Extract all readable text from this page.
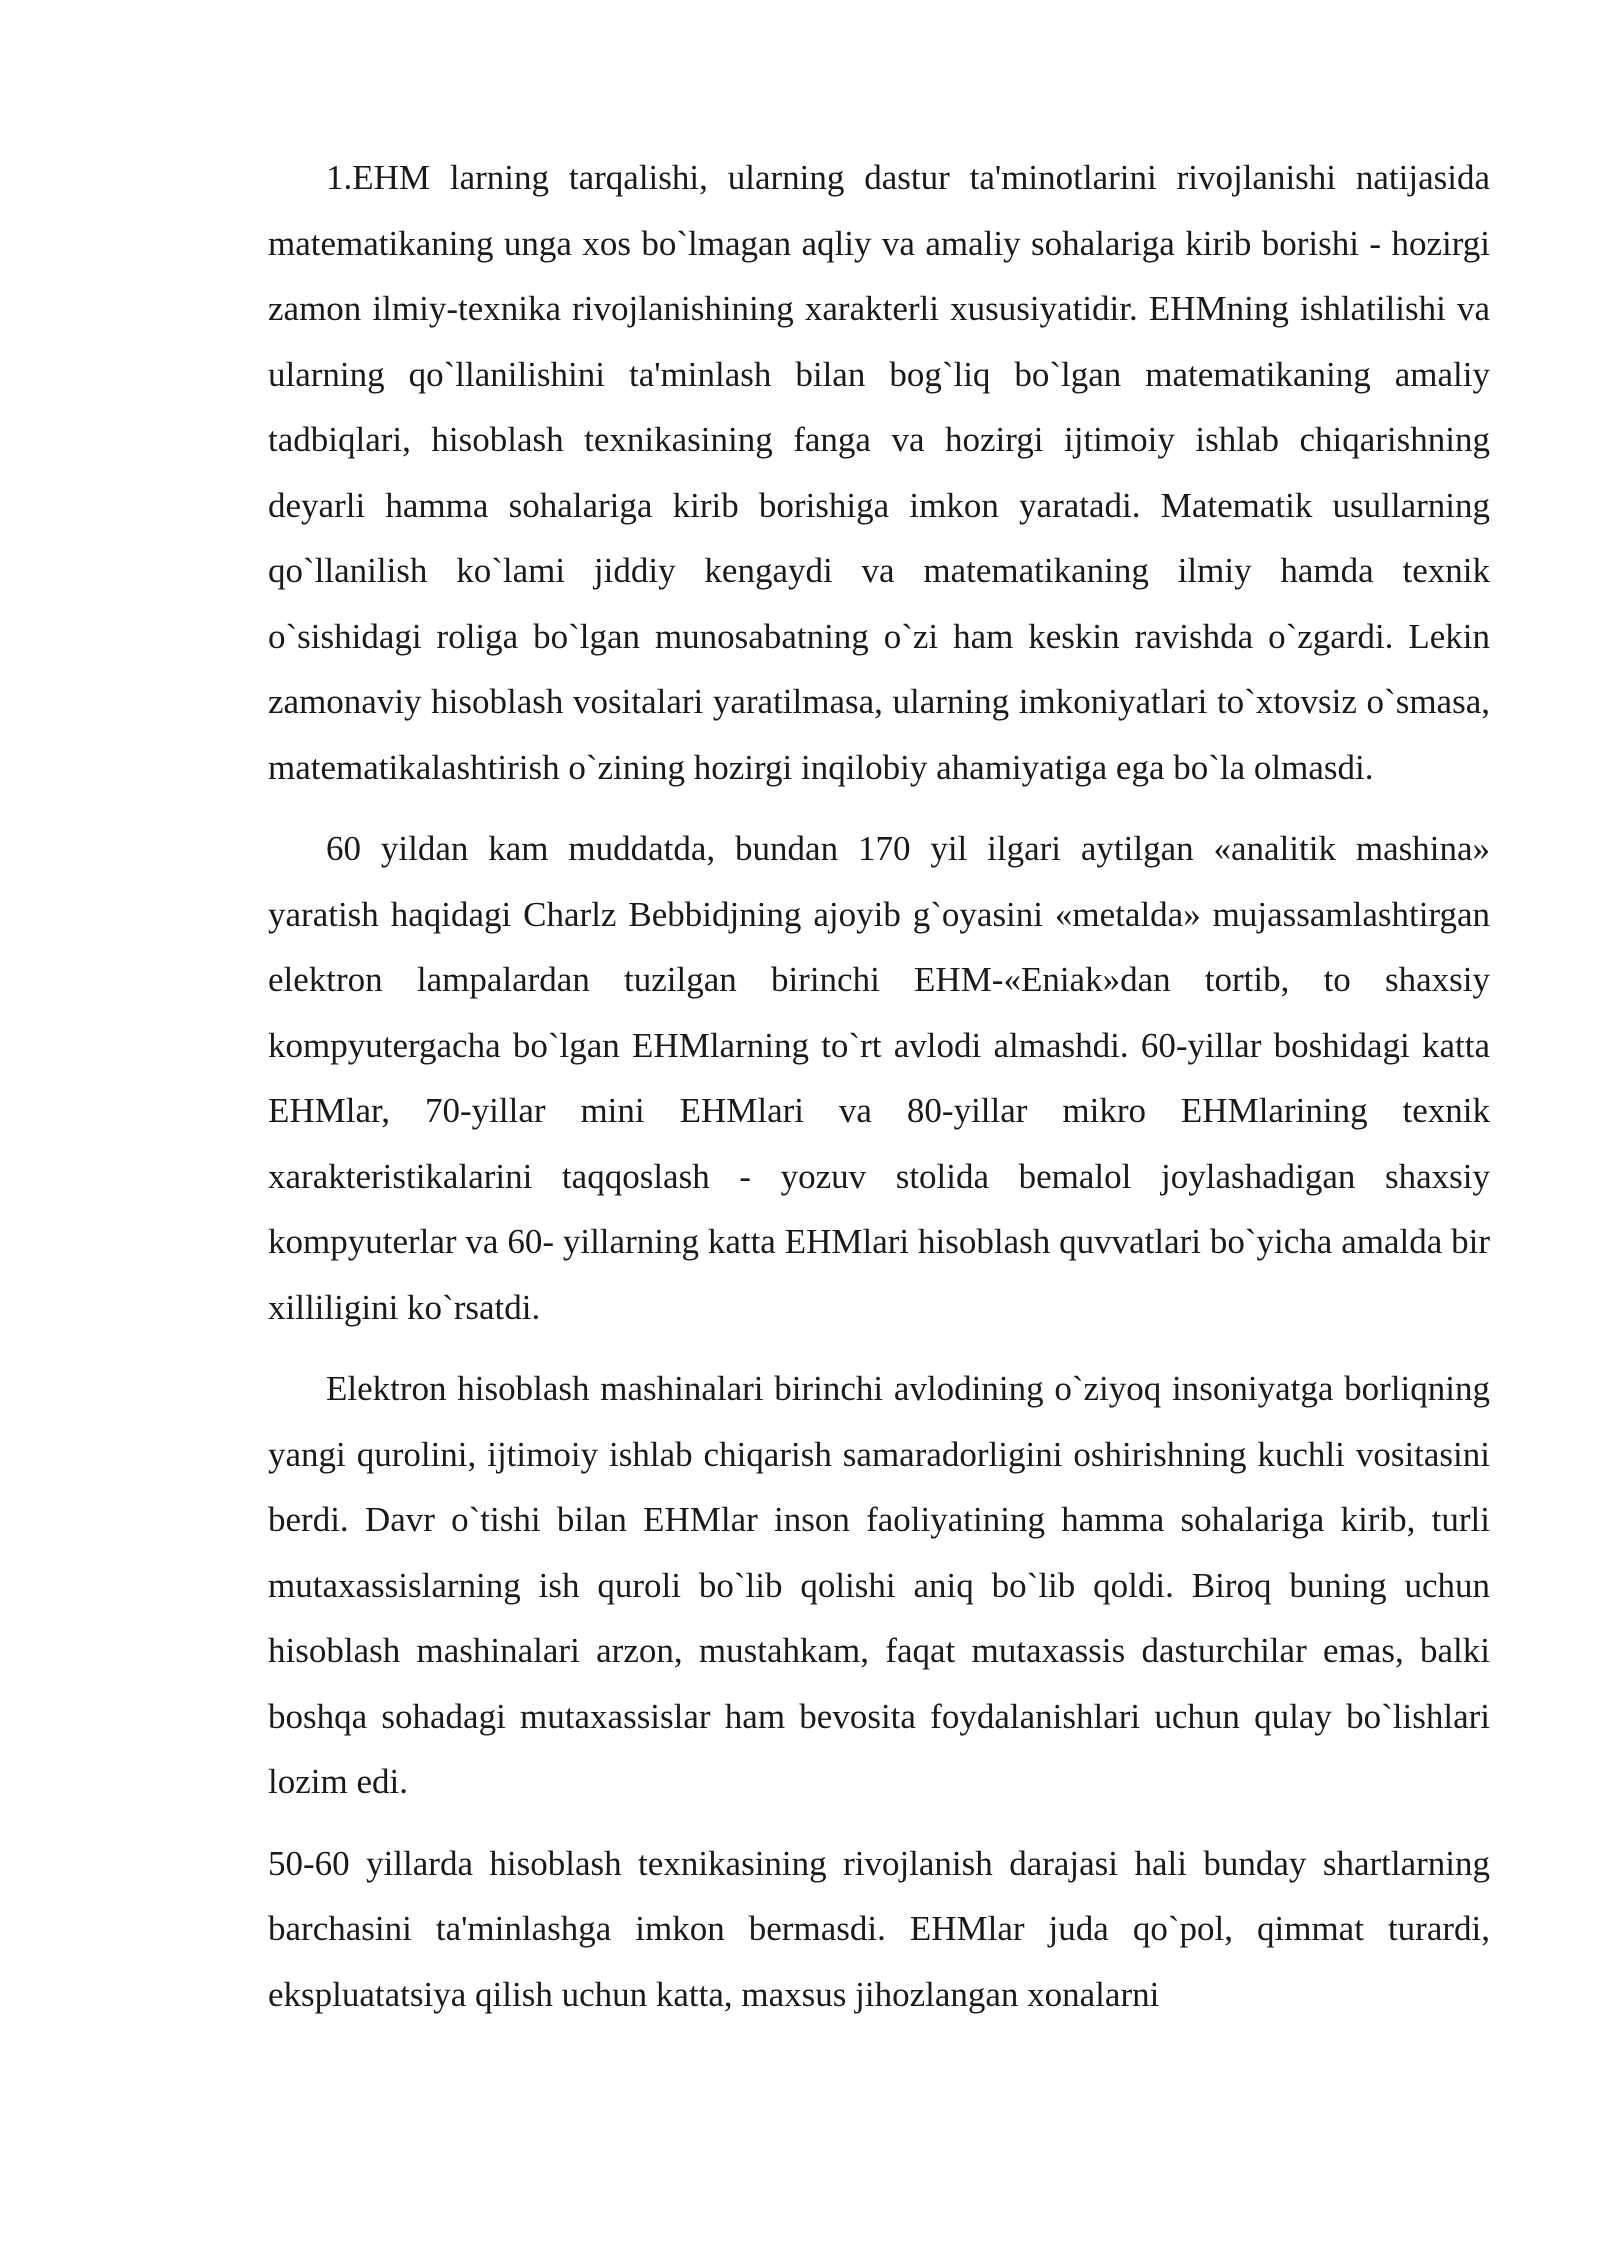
1.EHM larning tarqalishi, ularning dastur ta'minotlarini rivojlanishi natijasida matematikaning unga xos bo`lmagan aqliy va amaliy sohalariga kirib borishi - hozirgi zamon ilmiy-texnika rivojlanishining xarakterli xususiyatidir. EHMning ishlatilishi va ularning qo`llanilishini ta'minlash bilan bog`liq bo`lgan matematikaning amaliy tadbiqlari, hisoblash texnikasining fanga va hozirgi ijtimoiy ishlab chiqarishning deyarli hamma sohalariga kirib borishiga imkon yaratadi. Matematik usullarning qo`llanilish ko`lami jiddiy kengaydi va matematikaning ilmiy hamda texnik o`sishidagi roliga bo`lgan munosabatning o`zi ham keskin ravishda o`zgardi. Lekin zamonaviy hisoblash vositalari yaratilmasa, ularning imkoniyatlari to`xtovsiz o`smasa, matematikalashtirish o`zining hozirgi inqilobiy ahamiyatiga ega bo`la olmasdi.

60 yildan kam muddatda, bundan 170 yil ilgari aytilgan «analitik mashina» yaratish haqidagi Charlz Bebbidjning ajoyib g`oyasini «metalda» mujassamlashtirgan elektron lampalardan tuzilgan birinchi EHM-«Eniak»dan tortib, to shaxsiy kompyutergacha bo`lgan EHMlarning to`rt avlodi almashdi. 60-yillar boshidagi katta EHMlar, 70-yillar mini EHMlari va 80-yillar mikro EHMlarining texnik xarakteristikalarini taqqoslash - yozuv stolida bemalol joylashadigan shaxsiy kompyuterlar va 60- yillarning katta EHMlari hisoblash quvvatlari bo`yicha amalda bir xilliligini ko`rsatdi.

Elektron hisoblash mashinalari birinchi avlodining o`ziyoq insoniyatga borliqning yangi qurolini, ijtimoiy ishlab chiqarish samaradorligini oshirishning kuchli vositasini berdi. Davr o`tishi bilan EHMlar inson faoliyatining hamma sohalariga kirib, turli mutaxassislarning ish quroli bo`lib qolishi aniq bo`lib qoldi. Biroq buning uchun hisoblash mashinalari arzon, mustahkam, faqat mutaxassis dasturchilar emas, balki boshqa sohadagi mutaxassislar ham bevosita foydalanishlari uchun qulay bo`lishlari lozim edi.

50-60 yillarda hisoblash texnikasining rivojlanish darajasi hali bunday shartlarning barchasini ta'minlashga imkon bermasdi. EHMlar juda qo`pol, qimmat turardi, ekspluatatsiya qilish uchun katta, maxsus jihozlangan xonalarni
